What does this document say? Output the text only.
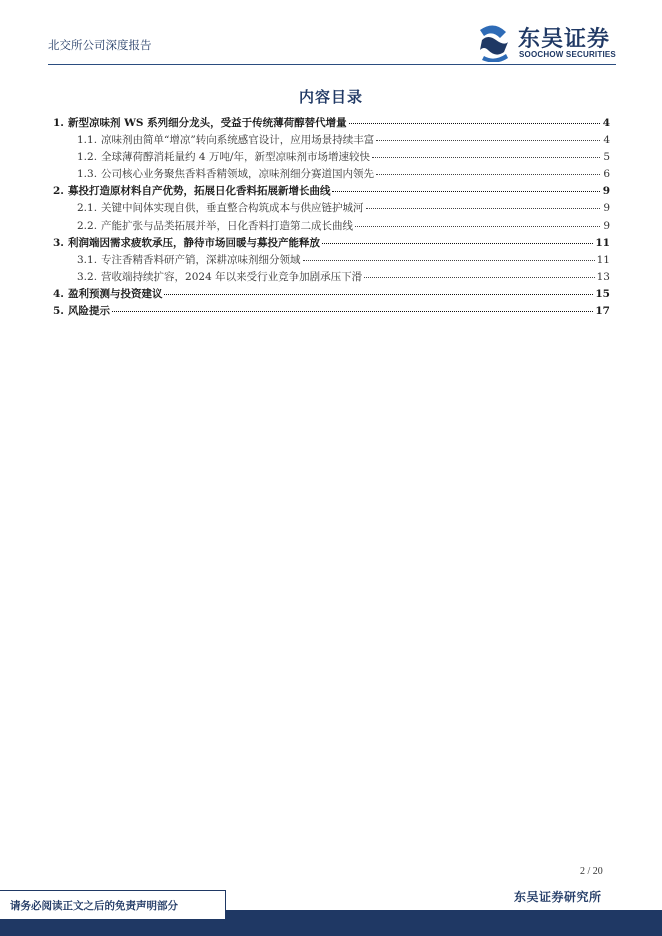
北交所公司深度报告	东吴证券
SOOCHOW SECURITIES
内容目录
1. 新型凉味剂 WS 系列细分龙头，受益于传统薄荷醇替代增量	4
1.1. 凉味剂由简单“增凉”转向系统感官设计，应用场景持续丰富	4
1.2. 全球薄荷醇消耗量约 4 万吨/年，新型凉味剂市场增速较快	5
1.3. 公司核心业务聚焦香料香精领域，凉味剂细分赛道国内领先	6
2. 募投打造原材料自产优势，拓展日化香料拓展新增长曲线	9
2.1. 关键中间体实现自供，垂直整合构筑成本与供应链护城河	9
2.2. 产能扩张与品类拓展并举，日化香料打造第二成长曲线	9
3. 利润端因需求疲软承压，静待市场回暖与募投产能释放	11
3.1. 专注香精香料研产销，深耕凉味剂细分领域	11
3.2. 营收端持续扩容，2024 年以来受行业竞争加剧承压下滑	13
4. 盈利预测与投资建议	15
5. 风险提示	17
2 / 20
请务必阅读正文之后的免责声明部分
东吴证券研究所
